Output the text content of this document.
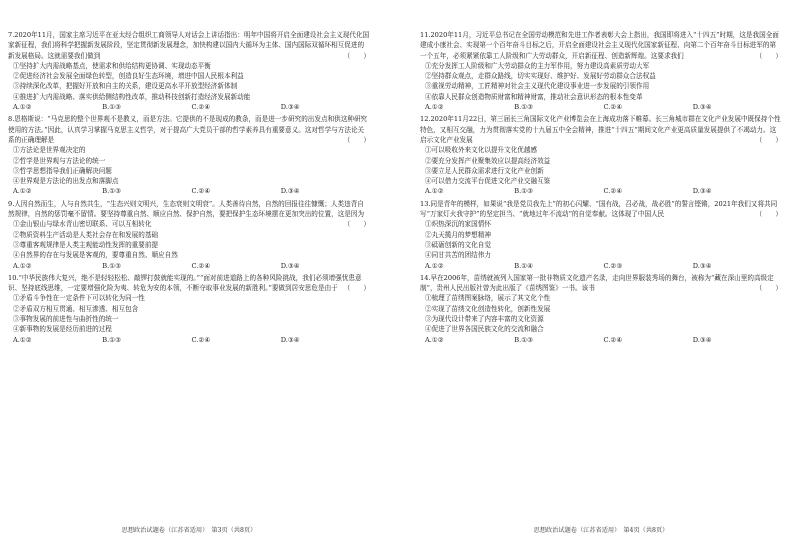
7.2020年11月，国家主席习近平在亚太经合组织工商领导人对话会上讲话指出：明年中国将开启全面建设社会主义现代化国家新征程，我们将科学把握新发展阶段，坚定贯彻新发展理念，加快构建以国内大循环为主体、国内国际双循环相互促进的新发展格局。这就需要我们做到	（　　）
①坚持扩大内需战略基点，使需求和供给结构更协调、实现动态平衡
②促进经济社会发展全面绿色转型，创造良好生态环境，增进中国人民根本利益
③持续深化改革，把握好开放和自主的关系，建设更高水平开放型经济新体制
④推进扩大内需战略、落实供给侧结构性改革，推动科技创新打造经济发展新动能
A.①②	B.①③	C.②④	D.③④
8.恩格斯说：“马克思的整个世界观不是教义，而是方法。它提供的不是现成的教条，而是进一步研究的出发点和供这种研究使用的方法。”因此，认真学习掌握马克思主义哲学，对于提高广大党员干部的哲学素养具有重要意义。这对哲学与方法论关系的正确理解是	（　　）
①方法论是世界观决定的
②哲学是世界观与方法论的统一
③哲学思想指导我们正确解决问题
④世界观是方法论的出发点和落脚点
A.①②	B.①③	C.②④	D.③④
9.人因自然而生，人与自然共生，“生态兴则文明兴，生态衰则文明衰”。人类善待自然，自然的回报往往慷慨；人类违背自然规律，自然的惩罚毫不留情。要坚持尊重自然、顺应自然、保护自然，要把保护生态环境摆在更加突出的位置，这是因为
（　　）
①金山银山与绿水青山密切联系、可以互相转化
②物质资料生产活动是人类社会存在和发展的基础
③尊重客观规律是人类主观能动性发挥的重要前提
④自然界的存在与发展是客观的，要尊重自然、顺应自然
A.①②	B.①③	C.②④	D.③④
10.“中华民族伟大复兴，绝不是轻轻松松、敲锣打鼓就能实现的。”“面对前进道路上的各种风险挑战，我们必须增强忧患意识、坚持底线思维，一定要增强化险为夷、转危为安的本领，不断夺取事业发展的新胜利。”要做到居安思危是由于 （　　）
①矛盾斗争性在一定条件下可以转化为同一性
②矛盾双方相互贯通、相互渗透、相互包含
③事物发展的前进性与曲折性的统一
④新事物的发展是经历前进的过程
A.①②	B.①③	C.②④	D.③④
11.2020年11月，习近平总书记在全国劳动模范和先进工作者表彰大会上指出，我国即将进入“十四五”时期，这是我国全面建成小康社会、实现第一个百年奋斗目标之后，开启全面建设社会主义现代化国家新征程、向第二个百年奋斗目标进军的第一个五年，必须紧紧依靠工人阶级和广大劳动群众，开启新征程、创造新辉煌。这要求我们	（　　）
①充分发挥工人阶级和广大劳动群众的主力军作用，努力建设高素质劳动大军
②坚持群众观点，走群众路线，切实实现好、维护好、发展好劳动群众合法权益
③重视劳动精神，工匠精神对社会主义现代化建设事业进一步发展的引领作用
④依靠人民群众创造物质财富和精神财富，推动社会意识形态的根本性变革
A.①②	B.①③	C.②④	D.③④
12.2020年11月22日，第三届长三角国际文化产业博览会在上海成功落下帷幕。长三角城市群在文化产业发展中既保持个性特色，又相互交融，力为贯彻落实党的十九届五中全会精神，推进“十四五”期间文化产业更高质量发展提供了不竭动力。这启示文化产业发展	（　　）
①可以吸收外来文化以提升文化优越感
②要充分发挥产业聚集效应以提高经济效益
③要立足人民群众需求进行文化产业创新
④可以借力交流平台促进文化产业交融互鉴
A.①②	B.①③	C.②④	D.③④
13.同是青年的模样，如果说“我是党员我先上”的初心闪耀、“国有战，召必战，战必胜”的誓言铿锵，2021年我们又将共同写“万家灯火我守护”的坚定担当、“就地过年不流动”的自觉奉献。这体现了中国人民	（　　）
①炽热深沉的家国情怀
②丸天揽月的梦想精神
③砥砺创新的文化自觉
④同甘共苦的团结伟力
A.①②	B.①④	C.②③	D.③④
14.早在2006年，苗绣就被列入国家第一批非物质文化遗产名录，走向世界服装秀场的舞台，被称为“藏在深山里的高级定制”，贵州人民出版社曾为此出版了《苗绣图鉴》一书。该书	（　　）
①梳理了苗绣图案脉络，展示了其文化个性
②实现了苗绣文化创造性转化，创新性发展
③为现代设计带来了内容丰富的文化资源
④促进了世界各国民族文化的交流和融合
A.①②	B.①③	C.②④	D.③④
思想政治试题卷（江苏省适用）　第3页（共8页）	思想政治试题卷（江苏省适用）　第4页（共8页）
